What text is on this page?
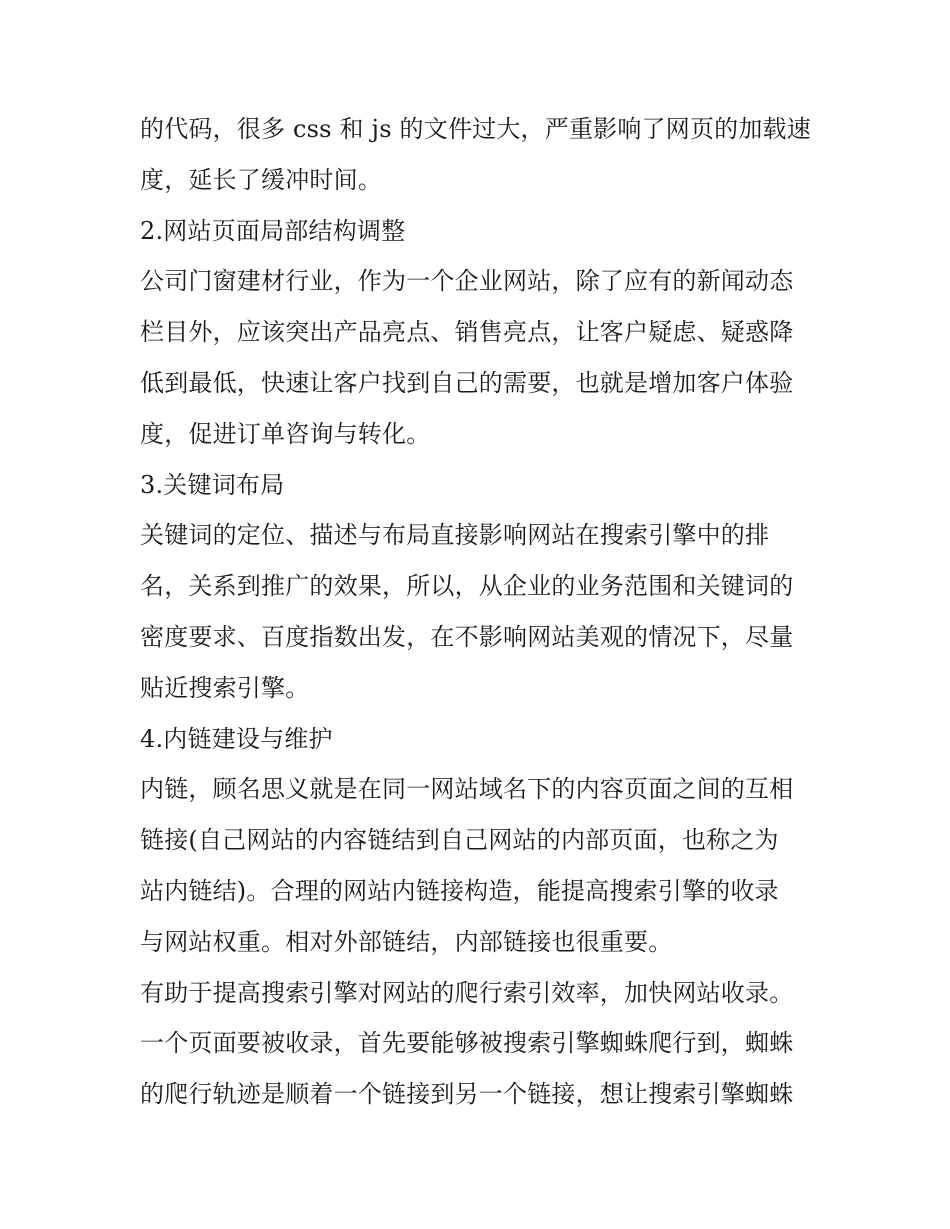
的代码，很多 css 和 js 的文件过大，严重影响了网页的加载速
度，延长了缓冲时间。
2.网站页面局部结构调整
公司门窗建材行业，作为一个企业网站，除了应有的新闻动态
栏目外，应该突出产品亮点、销售亮点，让客户疑虑、疑惑降
低到最低，快速让客户找到自己的需要，也就是增加客户体验
度，促进订单咨询与转化。
3.关键词布局
关键词的定位、描述与布局直接影响网站在搜索引擎中的排
名，关系到推广的效果，所以，从企业的业务范围和关键词的
密度要求、百度指数出发，在不影响网站美观的情况下，尽量
贴近搜索引擎。
4.内链建设与维护
内链，顾名思义就是在同一网站域名下的内容页面之间的互相
链接(自己网站的内容链结到自己网站的内部页面，也称之为
站内链结)。合理的网站内链接构造，能提高搜索引擎的收录
与网站权重。相对外部链结，内部链接也很重要。
有助于提高搜索引擎对网站的爬行索引效率，加快网站收录。
一个页面要被收录，首先要能够被搜索引擎蜘蛛爬行到，蜘蛛
的爬行轨迹是顺着一个链接到另一个链接，想让搜索引擎蜘蛛
